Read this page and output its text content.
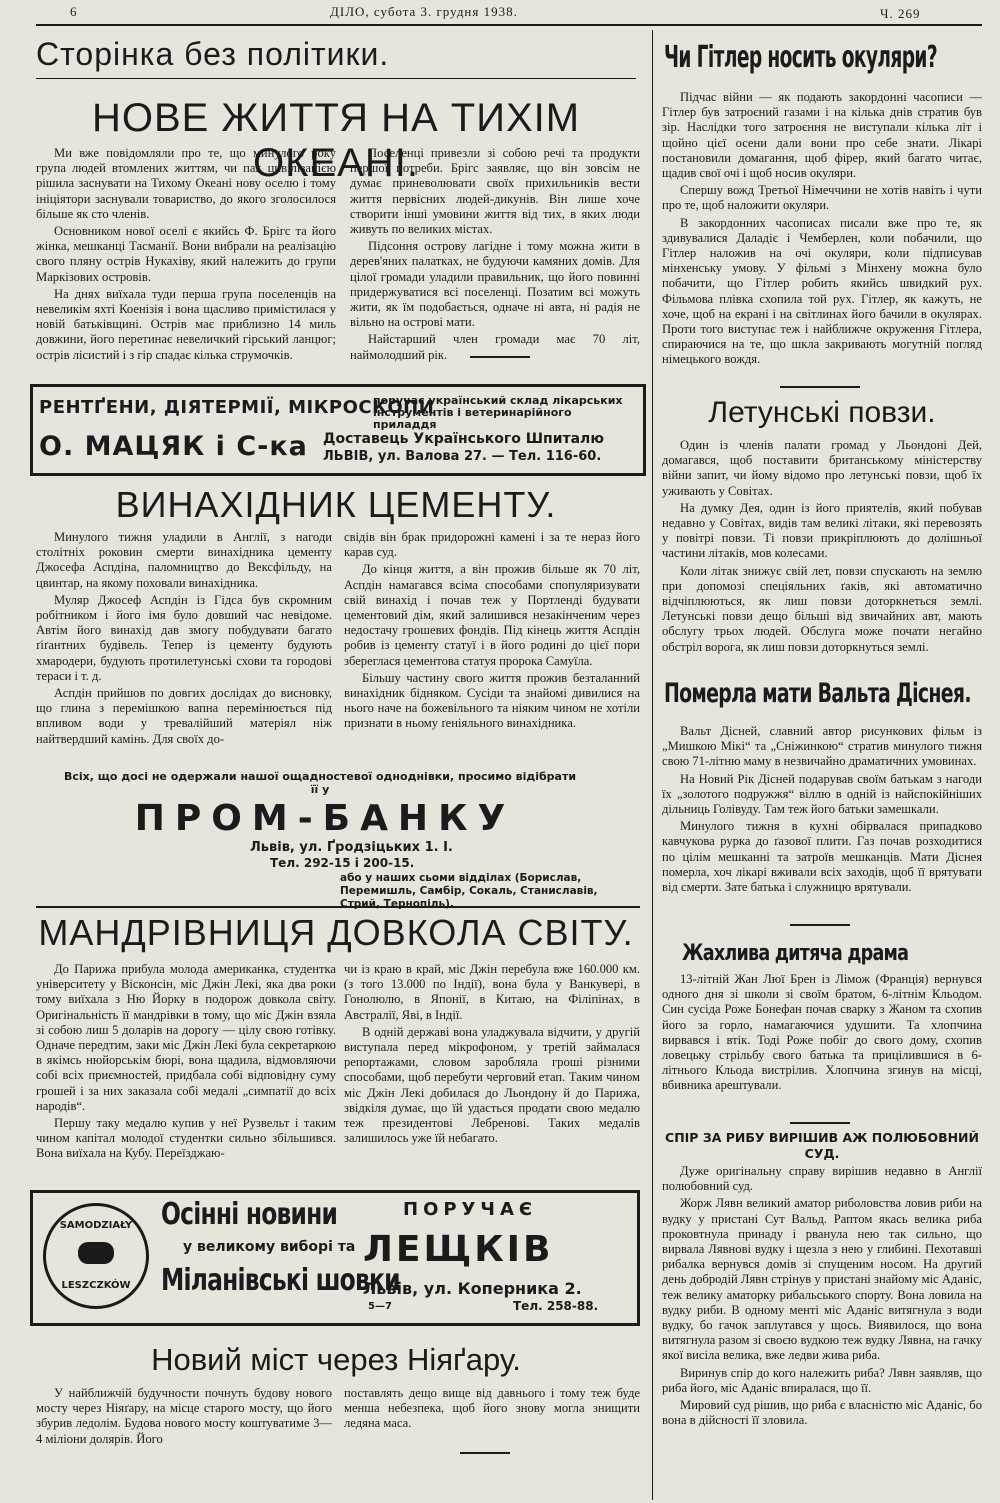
6	ДІЛО, суботa 3. грудня 1938.	Ч. 269
Сторінка без політики.
НОВЕ ЖИТТЯ НА ТИХІМ ОКЕАНІ.

Ми вже повідомляли про те, що минулого року група людей втомлених життям, чи пак цивілізацією рішила заснувати на Тихому Океані нову оселю і тому ініціятори заснували товариство, до якого зголосилося більше як сто членів.

Основником нової оселі є якийсь Ф. Брігс та його жінка, мешканці Тасманії. Вони вибрали на реалізацію свого пляну острів Нукахіву, який належить до групи Маркізових островів.

На днях виїхала туди перша група поселенців на невеликім яхті Коенізія і вона щасливо примістилася у новій батьківщині. Острів має приблизно 14 миль довжини, його перетинає невеличкий гірський ланцюг; острів лісистий і з гір спадає кілька струмочків.

Поселенці привезли зі собою речі та продукти першої потреби. Брігс заявляє, що він зовсім не думає приневолювати своїх прихильників вести життя первісних людей-дикунів. Він лише хоче створити інші умовини життя від тих, в яких люди живуть по великих містах.

Підсоння острову лагідне і тому можна жити в дерев'яних палатках, не будуючи камяних домів. Для цілої громади уладили правильник, що його повинні придержуватися всі поселенці. Позатим всі можуть жити, як їм подобається, одначе ні авта, ні радія не вільно на острові мати.

Найстарший член громади має 70 літ, наймолодший рік.

РЕНТҐЕНИ, ДІЯТЕРМІЇ, МІКРОСКОПИ
поручає український склад лікарських інструментів і ветеринарійного приладдя
О. МАЦЯК і С-ка Доставець Українського Шпиталю
ЛЬВІВ, ул. Валова 27. — Тел. 116-60.
ВИНАХІДНИК ЦЕМЕНТУ.

Минулого тижня уладили в Англії, з нагоди столітніх роковин смерти винахідника цементу Джосефа Аспдіна, паломництво до Вексфільду, на цвинтар, на якому поховали винахідника.

Муляр Джосеф Аспдін із Гідса був скромним робітником і його імя було довший час невідоме. Автім його винахід дав змогу побудувати багато ґіґантних будівель. Тепер із цементу будують хмародери, будують протилетунські схови та городові тераси і т. д.

Аспдін прийшов по довгих дослідах до висновку, що глина з перемішкою вапна перемінюється під впливом води у тревалійший матеріял ніж найтвердший камінь. Для своїх до-

свідів він брак придорожні камені і за те нераз його карав суд.

До кінця життя, а він прожив більше як 70 літ, Аспдін намагався всіма способами спопуляризувати свій винахід і почав теж у Портленді будувати цементовий дім, який залишився незакінченим через недостачу грошевих фондів. Під кінець життя Аспдін робив із цементу статуї і в його родині до цієї пори збереглася цементова статуя пророка Самуїла.

Більшу частину свого життя прожив безталанний винахідник бідняком. Сусіди та знайомі дивилися на нього наче на божевільного та ніяким чином не хотіли признати в ньому ґеніяльного винахідника.

Всіх, що досі не одержали нашої ощадностевої одноднівки, просимо відібрати її у
ПРОМ-БАНКУ
Львів, ул. Ґродзіцьких 1. І.
Тел. 292-15 і 200-15.
або у наших сьоми відділах (Борислав, Перемишль, Самбір, Сокаль, Станиславів, Стрий, Тернопіль).
МАНДРІВНИЦЯ ДОВКОЛА СВІТУ.

До Парижа прибула молода американка, студентка університету у Вісконсін, міс Джін Лекі, яка два роки тому виїхала з Ню Йорку в подорож довкола світу. Оригінальність її мандрівки в тому, що міс Джін взяла зі собою лиш 5 доларів на дорогу — цілу свою готівку. Одначе передтим, заки міс Джін Лекі була секретаркою в якімсь нюйорськім бюрі, вона щадила, відмовляючи собі всіх приємностей, придбала собі відповідну суму грошей і за них заказала собі медалі „симпатії до всіх народів“.

Першу таку медалю купив у неї Рузвельт і таким чином капітал молодої студентки сильно збільшився. Вона виїхала на Кубу. Переїзджаю-

чи із краю в край, міс Джін перебула вже 160.000 км. (з того 13.000 по Індії), вона була у Ванкувері, в Гонолюлю, в Японії, в Китаю, на Філіпінах, в Австралії, Яві, в Індії.

В одній державі вона уладжувала відчити, у другій виступала перед мікрофоном, у третій займалася репортажами, словом заробляла гроші різними способами, щоб перебути черговий етап. Таким чином міс Джін Лекі добилася до Льондону й до Парижа, звідкіля думає, що їй удасться продати свою медалю теж президентові Лебренові. Таких медалів залишилось уже їй небагато.

SAMODZIAŁY
LESZCZKÓW
Осінні новини
у великому виборі та
Міланівські шовки
ПОРУЧАЄ
ЛЕЩКІВ
Львів, ул. Коперника 2.
5—7	Тел. 258-88.
Новий міст через Ніяґару.

У найближчій будучности почнуть будову нового мосту через Ніяґару, на місце старого мосту, що його збурив ледолім. Будова нового мосту коштуватиме 3—4 міліони долярів. Його

поставлять дещо вище від давнього і тому теж буде менша небезпека, щоб його знову могла знищити ледяна маса.

Чи Гітлер носить окуляри?

Підчас війни — як подають закордонні часописи — Гітлер був затроєний газами і на кілька днів стратив був зір. Наслідки того затроєння не виступали кілька літ і щойно цієї осени дали вони про себе знати. Лікарі постановили домагання, щоб фірер, який багато читає, щадив свої очі і щоб носив окуляри.

Спершу вожд Третьої Німеччини не хотів навіть і чути про те, щоб наложити окуляри.

В закордонних часописах писали вже про те, як здивувалися Даладіє і Чемберлен, коли побачили, що Гітлер наложив на очі окуляри, коли підписував мінхенську умову. У фільмі з Мінхену можна було побачити, що Гітлер робить якийсь швидкий рух. Фільмова плівка схопила той рух. Гітлер, як кажуть, не хоче, щоб на екрані і на світлинах його бачили в окулярах. Проти того виступає теж і найближче окруження Гітлера, спираючися на те, що шкла закривають могутній погляд німецького вождя.

Летунські повзи.

Один із членів палати громад у Льондоні Дей, домагався, щоб поставити британському міністерству війни запит, чи йому відомо про летунські повзи, щоб їх уживають у Совітах.

На думку Дея, один із його приятелів, який побував недавно у Совітах, видів там великі літаки, які перевозять у повітрі повзи. Ті повзи прикріплюють до долішньої частини літаків, мов колесами.

Коли літак знижує свій лет, повзи спускають на землю при допомозі спеціяльних ґаків, які автоматично відчіплюються, як лиш повзи доторкнеться землі. Летунські повзи дещо більші від звичайних авт, мають обслугу трьох людей. Обслуга може почати негайно обстріл ворога, як лиш повзи доторкнуться землі.

Померла мати Вальта Діснея.

Вальт Дісней, славний автор рисункових фільм із „Мишкою Мікі“ та „Сніжинкою“ стратив минулого тижня свою 71-літню маму в незвичайно драматичних умовинах.

На Новий Рік Дісней подарував своїм батькам з нагоди їх „золотого подружжя“ віллю в одній із найспокійніших дільниць Голівуду. Там теж його батьки замешкали.

Минулого тижня в кухні обірвалася припадково кавчукова рурка до ґазової плити. Газ почав розходитися по цілім мешканні та затроїв мешканців. Мати Діснея померла, хоч лікарі вживали всіх заходів, щоб її врятувати від смерти. Зате батька і служницю врятували.

Жахлива дитяча драма

13-літній Жан Люї Брен із Лімож (Франція) вернувся одного дня зі школи зі своїм братом, 6-літнім Кльодом. Син сусіда Роже Бонефан почав сварку з Жаном та схопив його за горло, намагаючися удушити. Та хлопчина вирвався і втік. Тоді Роже побіг до свого дому, схопив ловецьку стрільбу свого батька та прицілившися в 6-літнього Кльода вистрілив. Хлопчина згинув на місці, вбивника арештували.

СПІР ЗА РИБУ ВИРІШИВ АЖ ПОЛЮБОВНИЙ СУД.

Дуже оригінальну справу вирішив недавно в Англії полюбовний суд.

Жорж Лявн великий аматор риболовства ловив риби на вудку у пристані Сут Вальд. Раптом якась велика риба проковтнула принаду і рванула нею так сильно, що вирвала Лявнові вудку і щезла з нею у глибині. Пехотавші рибалка вернувся домів зі спущеним носом. На другий день добродій Лявн стрінув у пристані знайому міс Аданіс, теж велику аматорку рибальського спорту. Вона ловила на вудку риби. В одному менті міс Аданіс витягнула з води вудку, бо гачок заплутався у щось. Виявилося, що вона витягнула разом зі своєю вудкою теж вудку Лявна, на гачку якої висіла велика, вже ледви жива риба.

Виринув спір до кого належить риба? Лявн заявляв, що риба його, міс Аданіс впиралася, що її.

Мировий суд рішив, що риба є власністю міс Аданіс, бо вона в дійсності її зловила.
